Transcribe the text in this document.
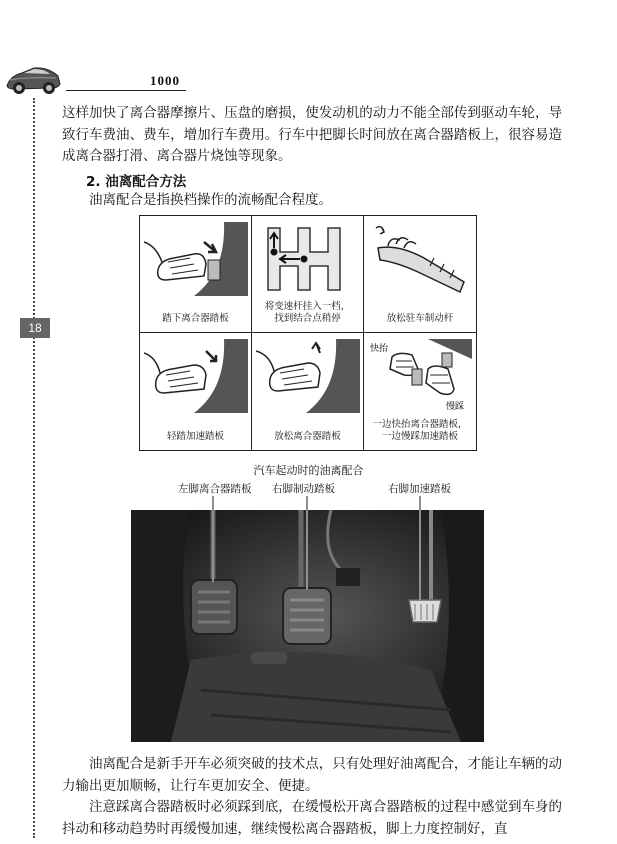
1000
18

这样加快了离合器摩擦片、压盘的磨损，使发动机的动力不能全部传到驱动车轮，导致行车费油、费车，增加行车费用。行车中把脚长时间放在离合器踏板上，很容易造成离合器打滑、离合器片烧蚀等现象。

2. 油离配合方法

油离配合是指换档操作的流畅配合程度。

踏下离合器踏板
将变速杆挂入一档，
找到结合点稍停	放松驻车制动杆
轻踏加速踏板	放松离合器踏板
快抬
慢踩
一边快抬离合器踏板，
一边慢踩加速踏板
汽车起动时的油离配合
左脚离合器踏板 右脚制动踏板	右脚加速踏板

油离配合是新手开车必须突破的技术点，只有处理好油离配合，才能让车辆的动力输出更加顺畅，让行车更加安全、便捷。

注意踩离合器踏板时必须踩到底，在缓慢松开离合器踏板的过程中感觉到车身的抖动和移动趋势时再缓慢加速，继续慢松离合器踏板，脚上力度控制好，直
